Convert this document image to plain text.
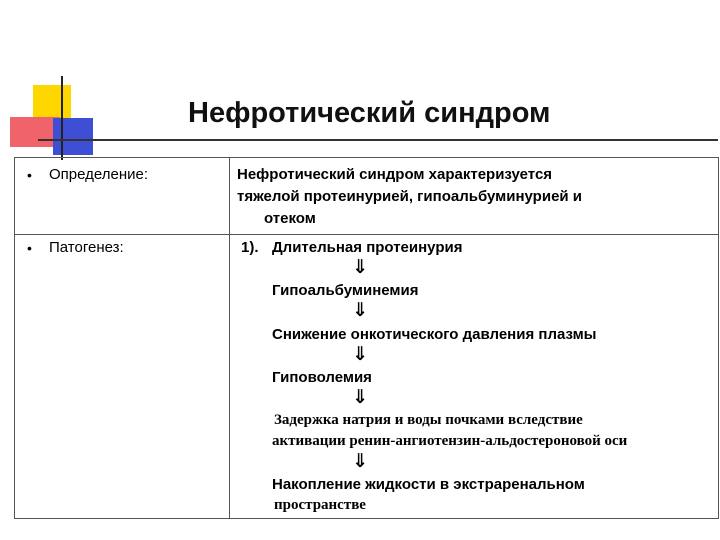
Нефротический синдром
• Определение:	Нефротический синдром характеризуется
тяжелой протеинурией, гипоальбуминурией и
отеком
• Патогенез:	1). Длительная протеинурия
⇓
Гипоальбуминемия
⇓
Снижение онкотического давления плазмы
⇓
Гиповолемия
⇓
Задержка натрия и воды почками вследствие
активации ренин-ангиотензин-альдостероновой оси
⇓
Накопление жидкости в экстраренальном
пространстве
